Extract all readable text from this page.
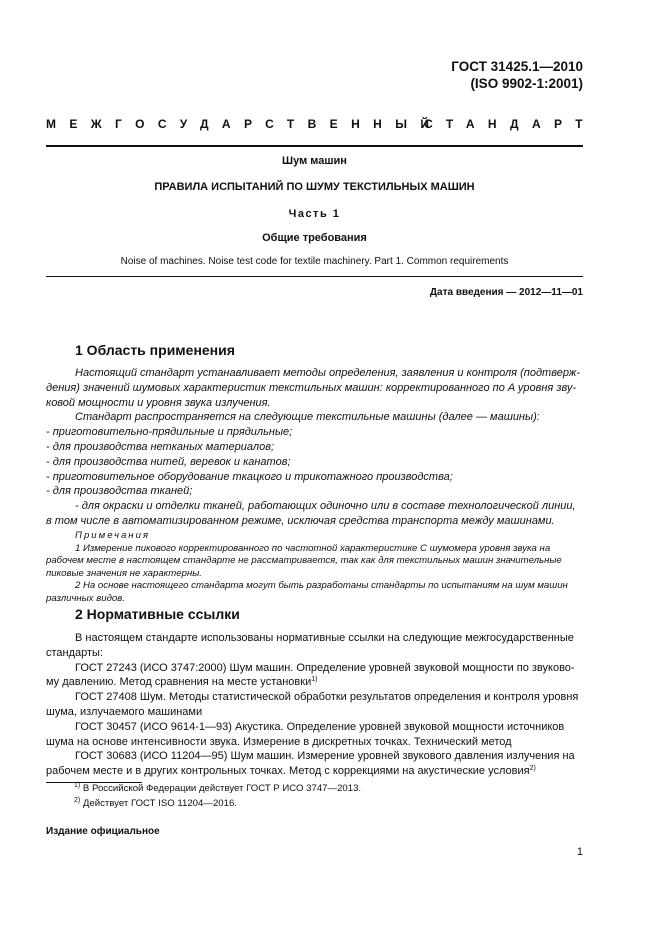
ГОСТ 31425.1—2010
(ISO 9902-1:2001)
МЕЖГОСУДАРСТВЕННЫЙ
СТАНДАРТ
Шум машин
ПРАВИЛА ИСПЫТАНИЙ ПО ШУМУ ТЕКСТИЛЬНЫХ МАШИН
Часть 1
Общие требования
Noise of machines. Noise test code for textile machinery. Part 1. Common requirements
Дата введения — 2012—11—01
1 Область применения
Настоящий стандарт устанавливает методы определения, заявления и контроля (подтверж-
дения) значений шумовых характеристик текстильных машин: корректированного по A уровня зву-
ковой мощности и уровня звука излучения.
Стандарт распространяется на следующие текстильные машины (далее — машины):
- приготовительно-прядильные и прядильные;
- для производства нетканых материалов;
- для производства нитей, веревок и канатов;
- приготовительное оборудование ткацкого и трикотажного производства;
- для производства тканей;
- для окраски и отделки тканей, работающих одиночно или в составе технологической линии,
в том числе в автоматизированном режиме, исключая средства транспорта между машинами.
Примечания
1 Измерение пикового корректированного по частотной характеристике C шумомера уровня звука на
рабочем месте в настоящем стандарте не рассматривается, так как для текстильных машин значительные
пиковые значения не характерны.
2 На основе настоящего стандарта могут быть разработаны стандарты по испытаниям на шум машин
различных видов.
2 Нормативные ссылки
В настоящем стандарте использованы нормативные ссылки на следующие межгосударственные
стандарты:
ГОСТ 27243 (ИСО 3747:2000) Шум машин. Определение уровней звуковой мощности по звуково-
му давлению. Метод сравнения на месте установки$^{1)}$
ГОСТ 27408 Шум. Методы статистической обработки результатов определения и контроля уровня
шума, излучаемого машинами
ГОСТ 30457 (ИСО 9614-1—93) Акустика. Определение уровней звуковой мощности источников
шума на основе интенсивности звука. Измерение в дискретных точках. Технический метод
ГОСТ 30683 (ИСО 11204—95) Шум машин. Измерение уровней звукового давления излучения на
рабочем месте и в других контрольных точках. Метод с коррекциями на акустические условия$^{2)}$
$^{1)}$ В Российской Федерации действует ГОСТ Р ИСО 3747—2013.
$^{2)}$ Действует ГОСТ ISO 11204—2016.
Издание официальное
1
